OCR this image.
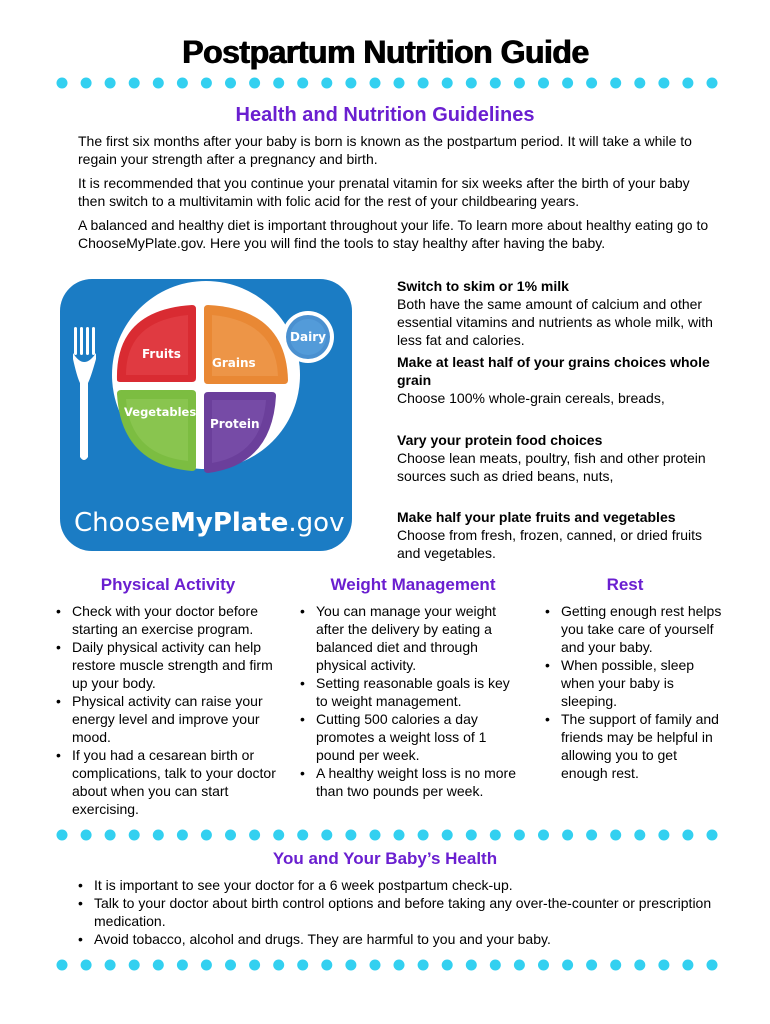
Postpartum Nutrition Guide
Health and Nutrition Guidelines

The first six months after your baby is born is known as the postpartum period. It will take a while to regain your strength after a pregnancy and birth.

It is recommended that you continue your prenatal vitamin for six weeks after the birth of your baby then switch to a multivitamin with folic acid for the rest of your childbearing years.

A balanced and healthy diet is important throughout your life. To learn more about healthy eating go to ChooseMyPlate.gov. Here you will find the tools to stay healthy after having the baby.

Fruits
Grains
Vegetables
Protein
Dairy
ChooseMyPlate.gov
Switch to skim or 1% milk
Both have the same amount of calcium and other essential vitamins and nutrients as whole milk, with less fat and calories.
Make at least half of your grains choices whole grain
Choose 100% whole-grain cereals, breads,
Vary your protein food choices
Choose lean meats, poultry, fish and other protein sources such as dried beans, nuts,
Make half your plate fruits and vegetables
Choose from fresh, frozen, canned, or dried fruits and vegetables.
Physical Activity	Weight Management	Rest
• Check with your doctor before starting an exercise program.
• Daily physical activity can help restore muscle strength and firm up your body.
• Physical activity can raise your energy level and improve your mood.
• If you had a cesarean birth or complications, talk to your doctor about when you can start exercising.
• You can manage your weight after the delivery by eating a balanced diet and through physical activity.
• Setting reasonable goals is key to weight management.
• Cutting 500 calories a day promotes a weight loss of 1 pound per week.
• A healthy weight loss is no more than two pounds per week.
• Getting enough rest helps you take care of yourself and your baby.
• When possible, sleep when your baby is sleeping.
• The support of family and friends may be helpful in allowing you to get enough rest.
You and Your Baby’s Health
• It is important to see your doctor for a 6 week postpartum check-up.
• Talk to your doctor about birth control options and before taking any over-the-counter or prescription medication.
• Avoid tobacco, alcohol and drugs. They are harmful to you and your baby.
